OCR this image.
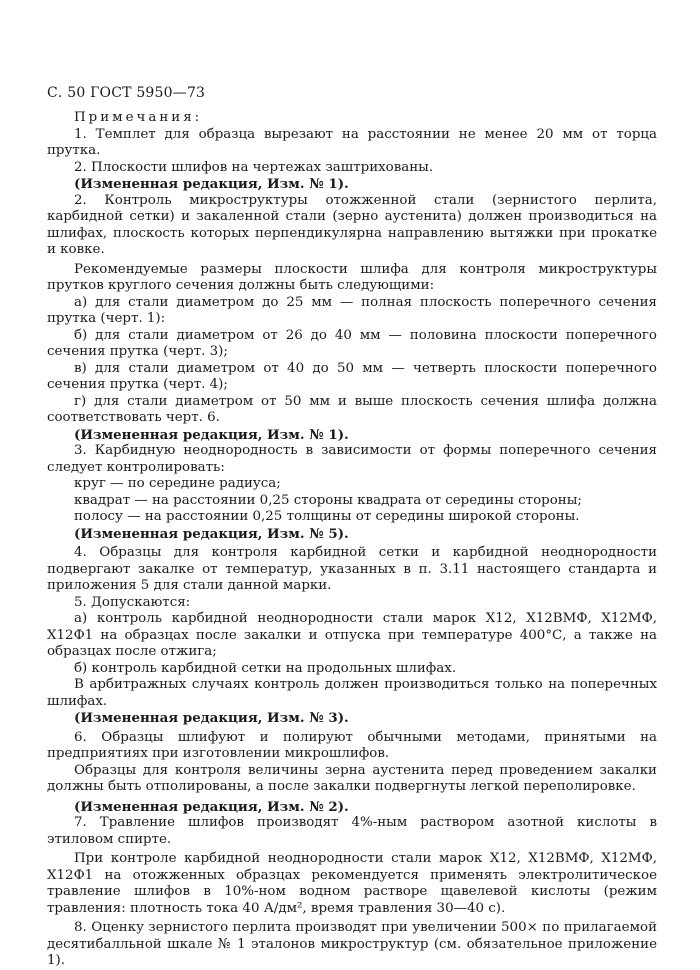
С. 50 ГОСТ 5950—73

Примечания:

1. Темплет для образца вырезают на расстоянии не менее 20 мм от торца прутка.

2. Плоскости шлифов на чертежах заштрихованы.

(Измененная редакция, Изм. № 1).

2. Контроль микроструктуры отожженной стали (зернистого перлита, карбидной сетки) и закаленной стали (зерно аустенита) должен производиться на шлифах, плоскость которых перпендикулярна направлению вытяжки при прокатке и ковке.

Рекомендуемые размеры плоскости шлифа для контроля микроструктуры прутков круглого сечения должны быть следующими:

а) для стали диаметром до 25 мм — полная плоскость поперечного сечения прутка (черт. 1):

б) для стали диаметром от 26 до 40 мм — половина плоскости поперечного сечения прутка (черт. 3);

в) для стали диаметром от 40 до 50 мм — четверть плоскости поперечного сечения прутка (черт. 4);

г) для стали диаметром от 50 мм и выше плоскость сечения шлифа должна соответствовать черт. 6.

(Измененная редакция, Изм. № 1).

3. Карбидную неоднородность в зависимости от формы поперечного сечения следует контролировать:

круг — по середине радиуса;

квадрат — на расстоянии 0,25 стороны квадрата от середины стороны;

полосу — на расстоянии 0,25 толщины от середины широкой стороны.

(Измененная редакция, Изм. № 5).

4. Образцы для контроля карбидной сетки и карбидной неоднородности подвергают закалке от температур, указанных в п. 3.11 настоящего стандарта и приложения 5 для стали данной марки.

5. Допускаются:

а) контроль карбидной неоднородности стали марок Х12, Х12ВМФ, Х12МФ, Х12Ф1 на образцах после закалки и отпуска при температуре 400°С, а также на образцах после отжига;

б) контроль карбидной сетки на продольных шлифах.

В арбитражных случаях контроль должен производиться только на поперечных шлифах.

(Измененная редакция, Изм. № 3).

6. Образцы шлифуют и полируют обычными методами, принятыми на предприятиях при изготовлении микрошлифов.

Образцы для контроля величины зерна аустенита перед проведением закалки должны быть отполированы, а после закалки подвергнуты легкой переполировке.

(Измененная редакция, Изм. № 2).

7. Травление шлифов производят 4%-ным раствором азотной кислоты в этиловом спирте.

При контроле карбидной неоднородности стали марок Х12, Х12ВМФ, Х12МФ, Х12Ф1 на отожженных образцах рекомендуется применять электролитическое травление шлифов в 10%-ном водном растворе щавелевой кислоты (режим травления: плотность тока 40 А/дм², время травления 30—40 с).

8. Оценку зернистого перлита производят при увеличении 500× по прилагаемой десятибалльной шкале № 1 эталонов микроструктур (см. обязательное приложение 1).
